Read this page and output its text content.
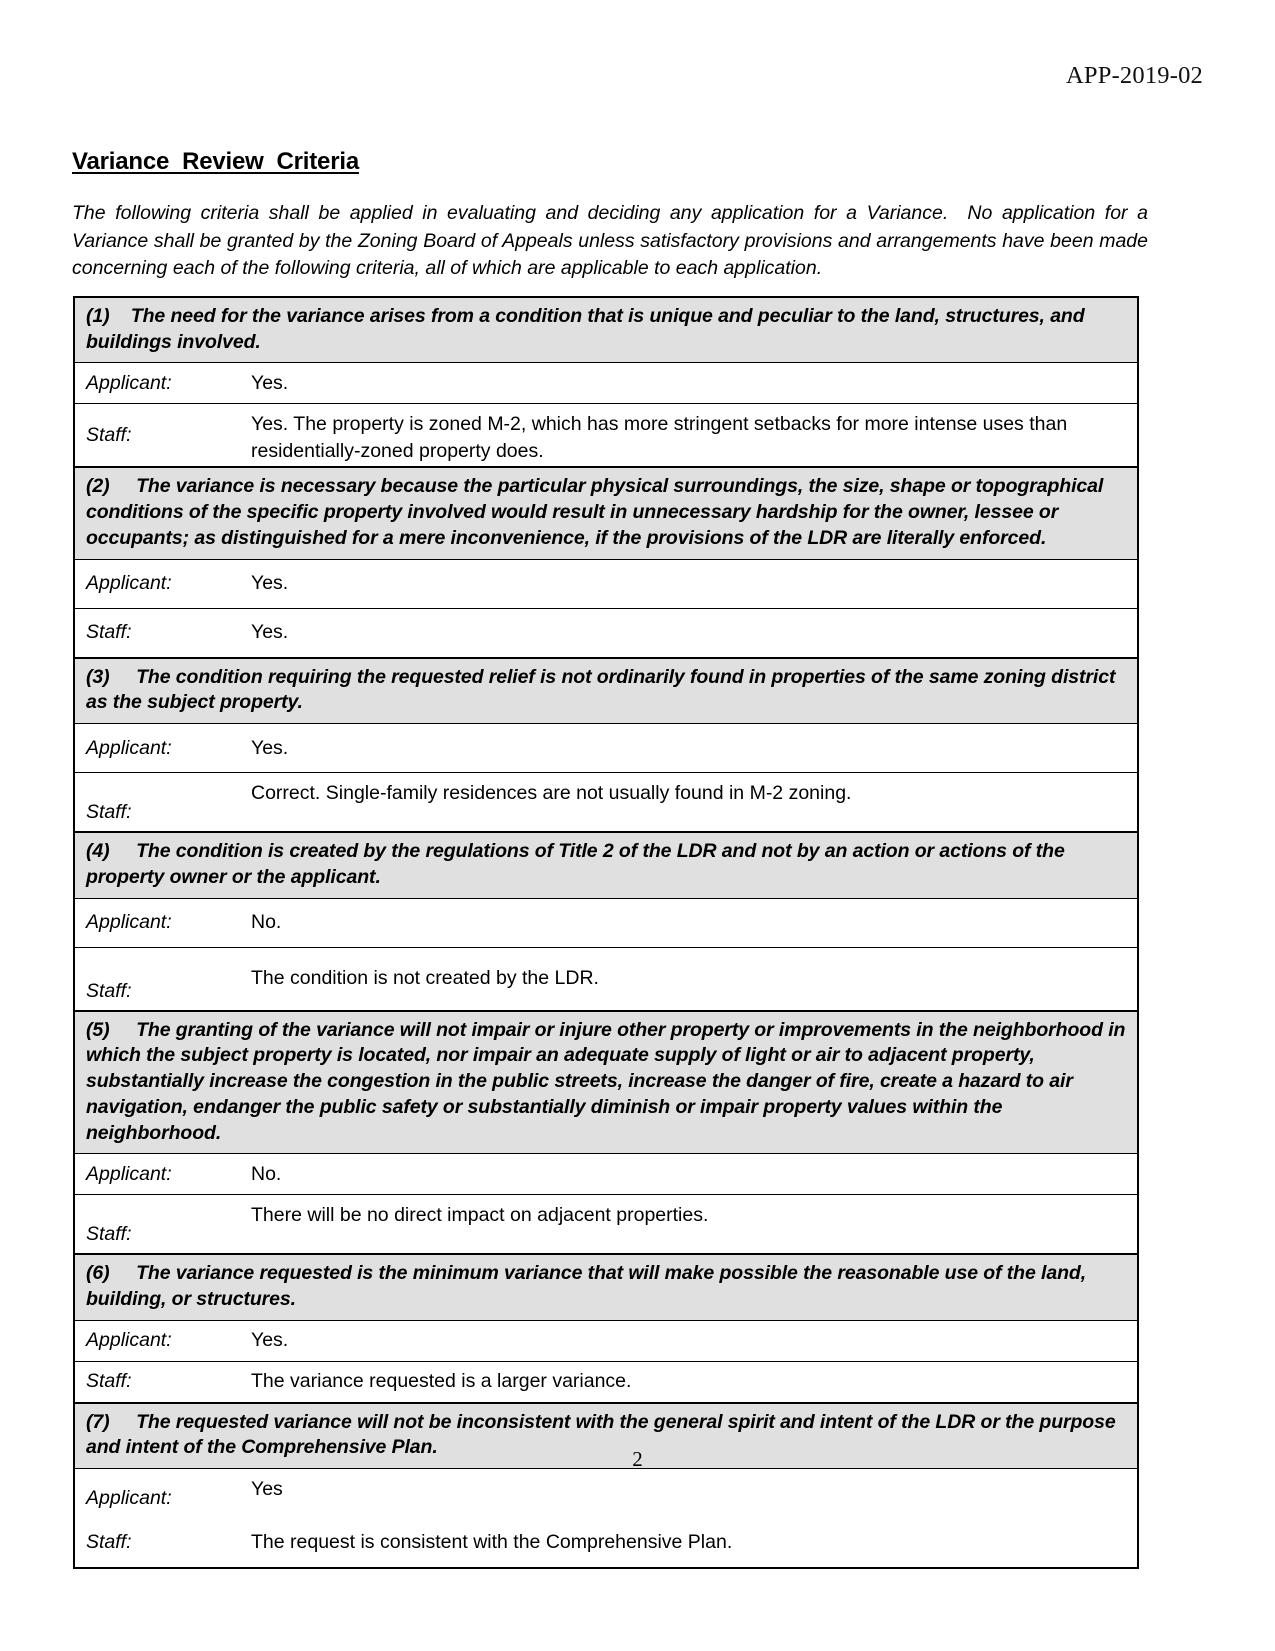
APP-2019-02
Variance  Review  Criteria
The following criteria shall be applied in evaluating and deciding any application for a Variance.  No application for a Variance shall be granted by the Zoning Board of Appeals unless satisfactory provisions and arrangements have been made concerning each of the following criteria, all of which are applicable to each application.
(1)    The need for the variance arises from a condition that is unique and peculiar to the land, structures, and buildings involved.
Applicant:	Yes.
Staff:	Yes. The property is zoned M-2, which has more stringent setbacks for more intense uses than residentially-zoned property does.
(2)     The variance is necessary because the particular physical surroundings, the size, shape or topographical conditions of the specific property involved would result in unnecessary hardship for the owner, lessee or occupants; as distinguished for a mere inconvenience, if the provisions of the LDR are literally enforced.
Applicant:	Yes.
Staff:	Yes.
(3)     The condition requiring the requested relief is not ordinarily found in properties of the same zoning district as the subject property.
Applicant:	Yes.
Staff:
Correct. Single-family residences are not usually found in M-2 zoning.
(4)     The condition is created by the regulations of Title 2 of the LDR and not by an action or actions of the property owner or the applicant.
Applicant:	No.
Staff:
The condition is not created by the LDR.
(5)     The granting of the variance will not impair or injure other property or improvements in the neighborhood in which the subject property is located, nor impair an adequate supply of light or air to adjacent property, substantially increase the congestion in the public streets, increase the danger of fire, create a hazard to air navigation, endanger the public safety or substantially diminish or impair property values within the neighborhood.
Applicant:	No.
Staff:
There will be no direct impact on adjacent properties.
(6)     The variance requested is the minimum variance that will make possible the reasonable use of the land, building, or structures.
Applicant:	Yes.
Staff:	The variance requested is a larger variance.
(7)     The requested variance will not be inconsistent with the general spirit and intent of the LDR or the purpose and intent of the Comprehensive Plan.
Applicant:	Yes
Staff:	The request is consistent with the Comprehensive Plan.
2
